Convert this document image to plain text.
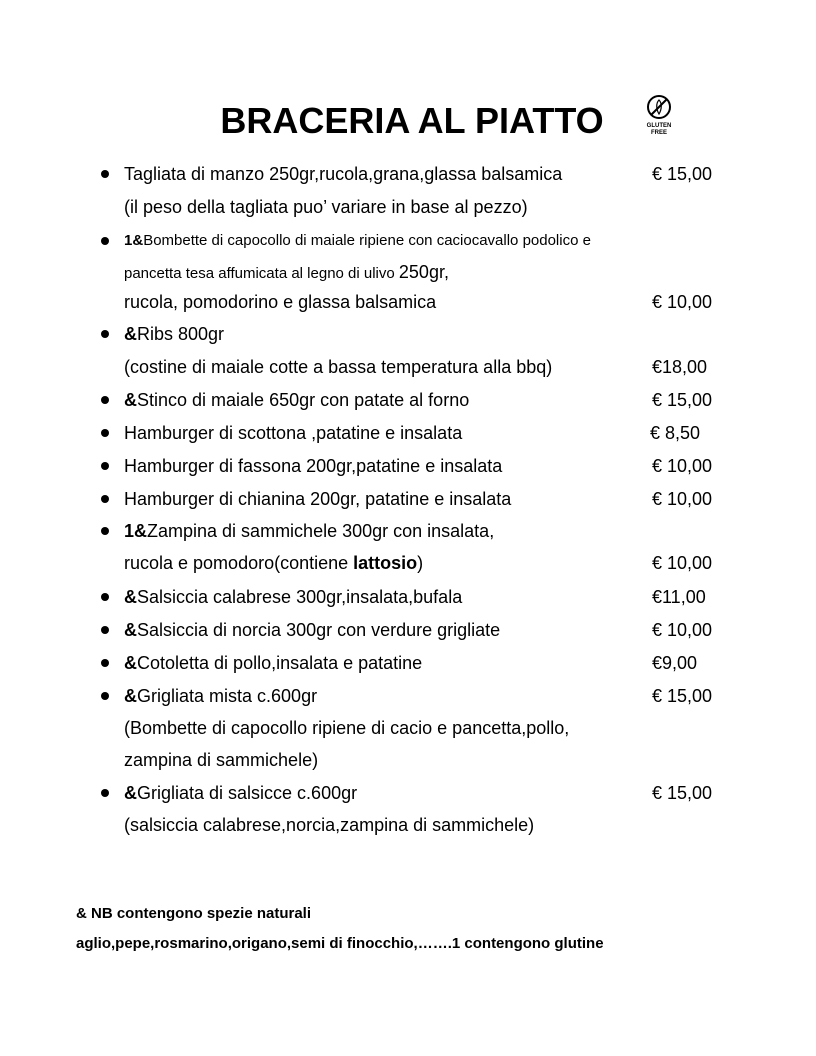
BRACERIA AL PIATTO	GLUTEN
FREE
Tagliata di manzo 250gr,rucola,grana,glassa balsamica	€ 15,00
(il peso della tagliata puo’ variare in base al pezzo)
1&Bombette di capocollo di maiale ripiene con caciocavallo podolico e
pancetta tesa affumicata al legno di ulivo 250gr,
rucola, pomodorino e glassa balsamica	€ 10,00
&Ribs 800gr
(costine di maiale cotte a bassa temperatura alla bbq)	€18,00
&Stinco di maiale 650gr con patate al forno	€ 15,00
Hamburger di scottona ,patatine e insalata	€ 8,50
Hamburger di fassona 200gr,patatine e insalata	€ 10,00
Hamburger di chianina 200gr, patatine e insalata	€ 10,00
1&Zampina di sammichele 300gr con insalata,
rucola e pomodoro(contiene lattosio)	€ 10,00
&Salsiccia calabrese 300gr,insalata,bufala	€11,00
&Salsiccia di norcia 300gr con verdure grigliate	€ 10,00
&Cotoletta di pollo,insalata e patatine	€9,00
&Grigliata mista c.600gr	€ 15,00
(Bombette di capocollo ripiene di cacio e pancetta,pollo,
zampina di sammichele)
&Grigliata di salsicce c.600gr	€ 15,00
(salsiccia calabrese,norcia,zampina di sammichele)
& NB contengono spezie naturali
aglio,pepe,rosmarino,origano,semi di finocchio,…….1 contengono glutine
